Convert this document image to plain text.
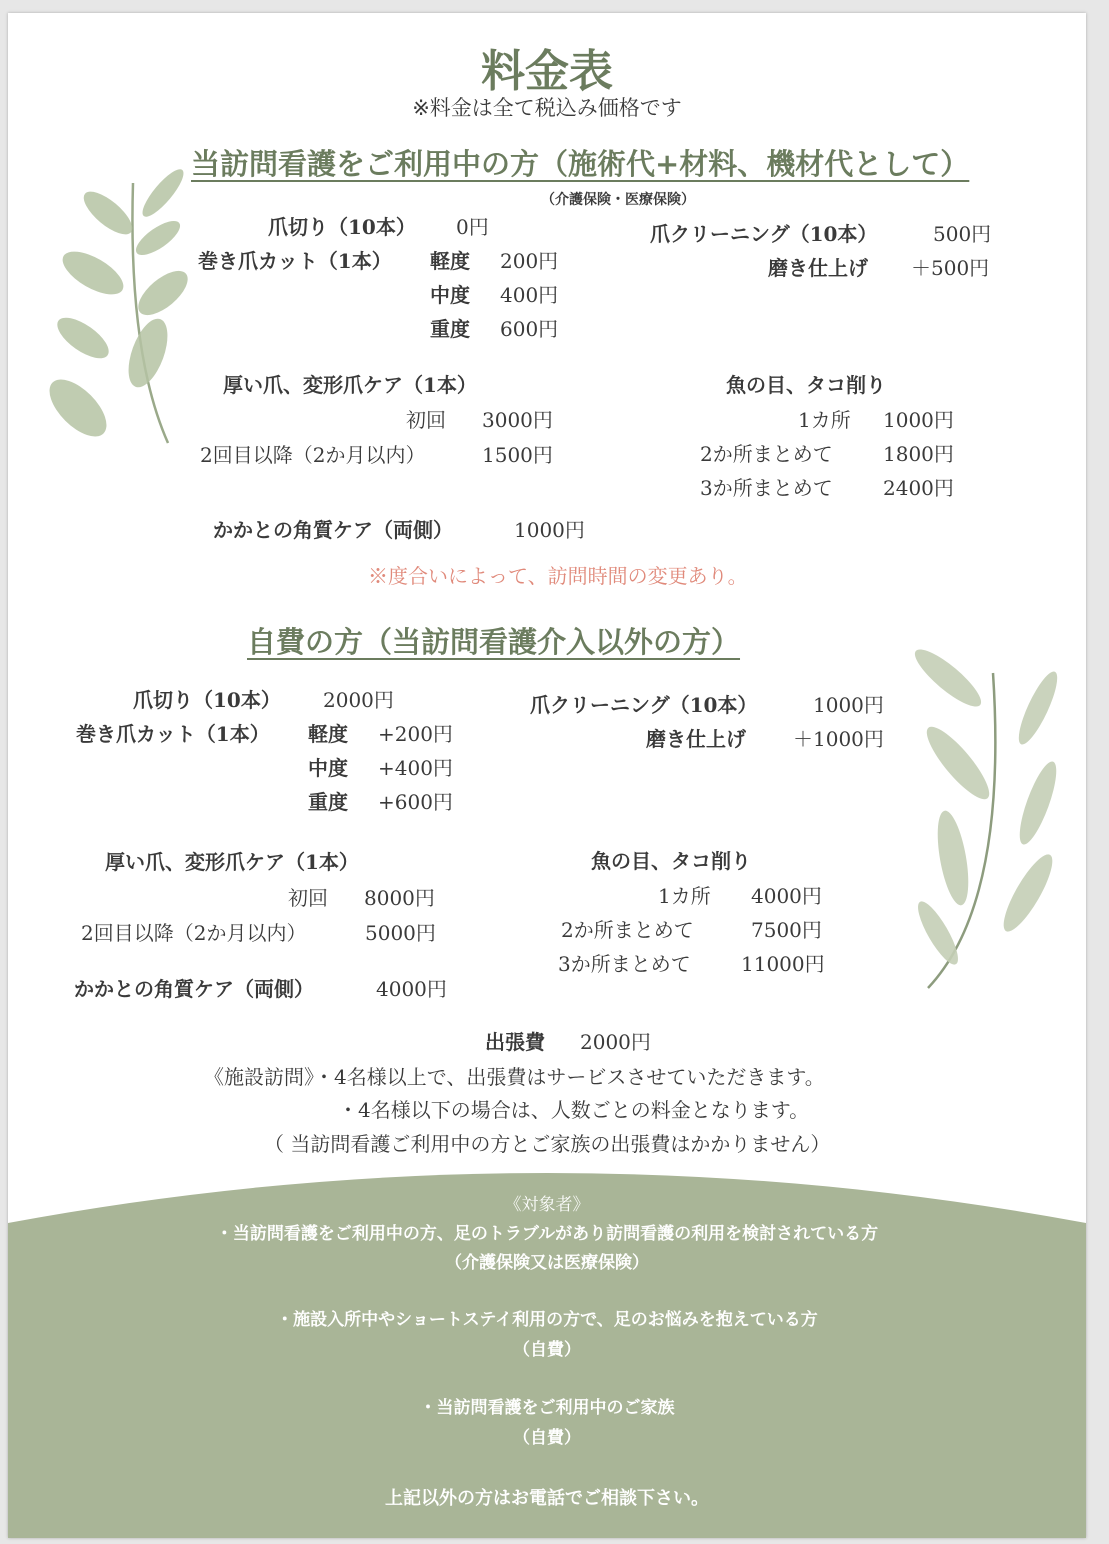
料金表
※料金は全て税込み価格です
当訪問看護をご利用中の方（施術代+材料、機材代として）
（介護保険・医療保険）
爪切り（10本） 0円
巻き爪カット（1本） 軽度 200円
中度 400円
重度 600円
爪クリーニング（10本）	500円
磨き仕上げ ＋500円
厚い爪、変形爪ケア（1本）
初回 3000円
2回目以降（2か月以内）	1500円
魚の目、タコ削り
1カ所 1000円
2か所まとめて	1800円
3か所まとめて	2400円
かかとの角質ケア（両側）	1000円
※度合いによって、訪問時間の変更あり。
自費の方（当訪問看護介入以外の方）
爪切り（10本） 2000円
巻き爪カット（1本） 軽度 +200円
中度 +400円
重度 +600円
爪クリーニング（10本）	1000円
磨き仕上げ ＋1000円
厚い爪、変形爪ケア（1本）
初回 8000円
2回目以降（2か月以内）	5000円
魚の目、タコ削り
1カ所 4000円
2か所まとめて	7500円
3か所まとめて	11000円
かかとの角質ケア（両側）	4000円
出張費 2000円
《施設訪問》・4名様以上で、出張費はサービスさせていただきます。
・4名様以下の場合は、人数ごとの料金となります。
（ 当訪問看護ご利用中の方とご家族の出張費はかかりません）
《対象者》
・当訪問看護をご利用中の方、足のトラブルがあり訪問看護の利用を検討されている方
（介護保険又は医療保険）
・施設入所中やショートステイ利用の方で、足のお悩みを抱えている方
（自費）
・当訪問看護をご利用中のご家族
（自費）
上記以外の方はお電話でご相談下さい。
